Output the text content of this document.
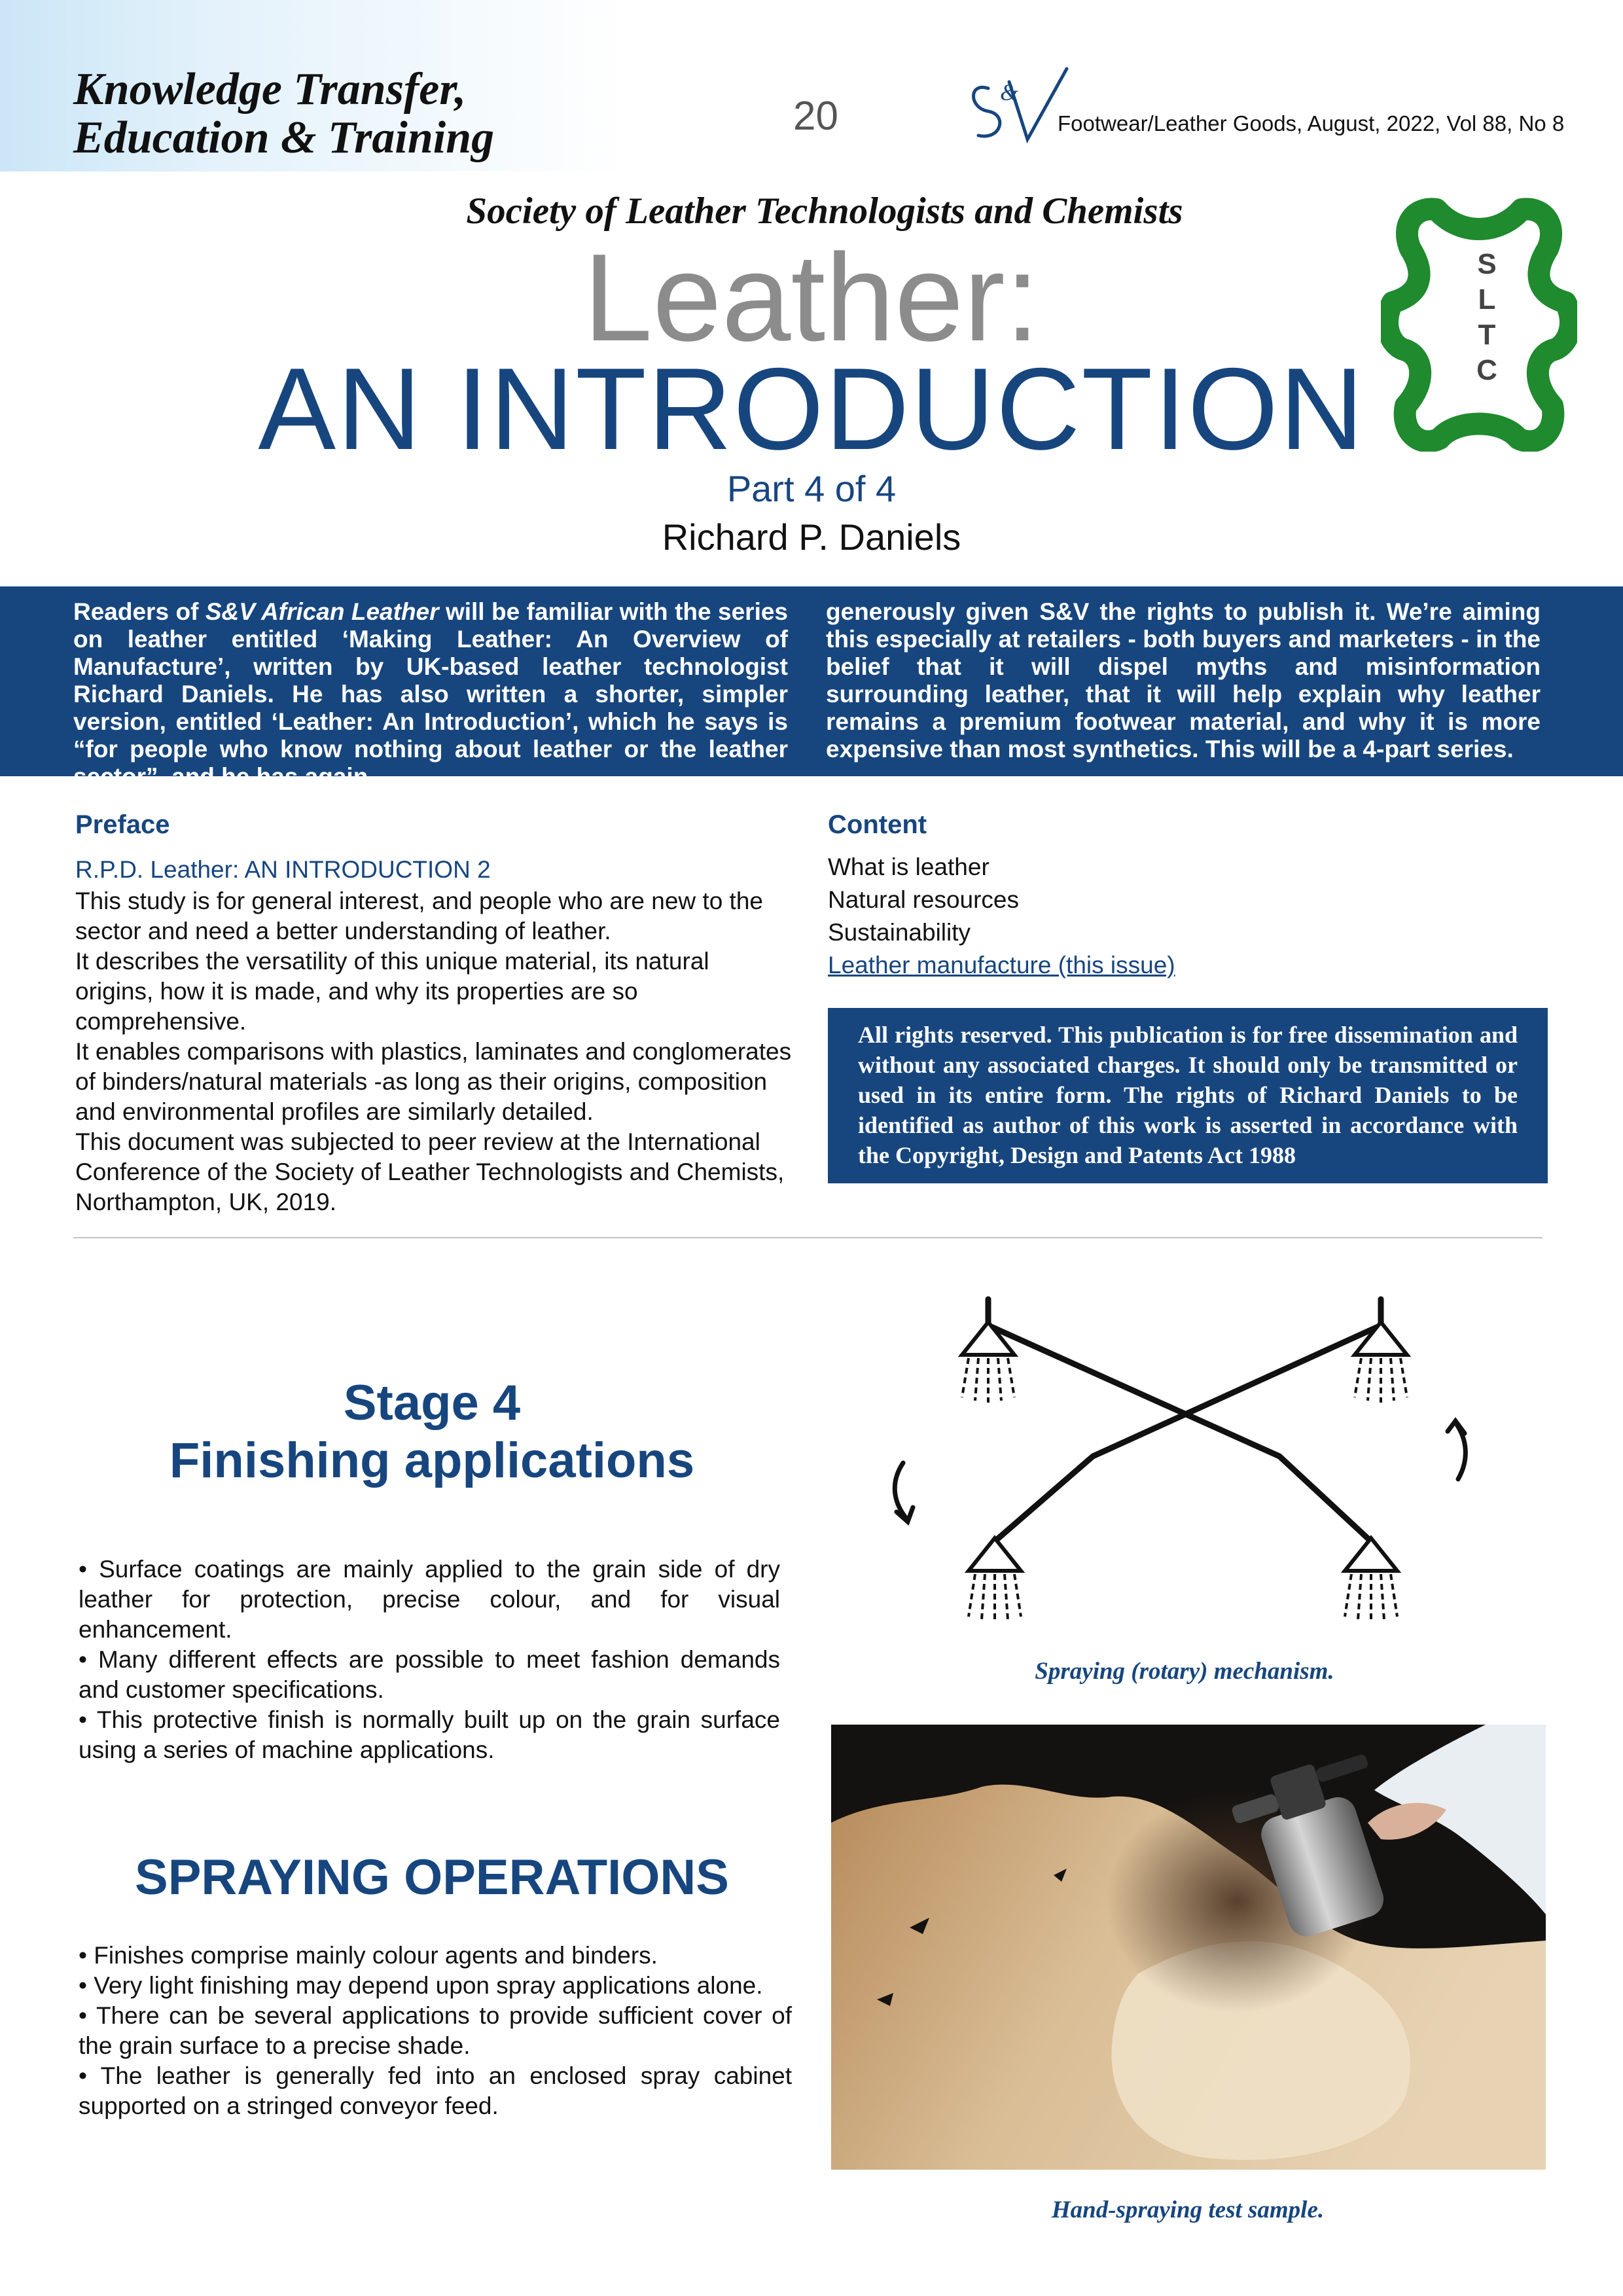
Knowledge Transfer,
Education & Training	20
&
Footwear/Leather Goods, August, 2022, Vol 88, No 8
Society of Leather Technologists and Chemists
Leather:
AN INTRODUCTION
Part 4 of 4
Richard P. Daniels
S
L
T
C
Readers of S&V African Leather will be familiar with the series on leather entitled ‘Making Leather: An Overview of Manufacture’, written by UK-based leather technologist Richard Daniels. He has also written a shorter, simpler version, entitled ‘Leather: An Introduction’, which he says is “for people who know nothing about leather or the leather sector”, and he has again
generously given S&V the rights to publish it. We’re aiming this especially at retailers - both buyers and marketers - in the belief that it will dispel myths and misinformation surrounding leather, that it will help explain why leather remains a premium footwear material, and why it is more expensive than most synthetics. This will be a 4-part series.
Preface
R.P.D. Leather: AN INTRODUCTION 2

This study is for general interest, and people who are new to the sector and need a better understanding of leather.

It describes the versatility of this unique material, its natural origins, how it is made, and why its properties are so comprehensive.

It enables comparisons with plastics, laminates and conglomerates of binders/natural materials -as long as their origins, composition and environmental profiles are similarly detailed.

This document was subjected to peer review at the International Conference of the Society of Leather Technologists and Chemists, Northampton, UK, 2019.

Content
What is leather
Natural resources
Sustainability
Leather manufacture (this issue)
All rights reserved. This publication is for free dissemination and without any associated charges. It should only be transmitted or used in its entire form. The rights of Richard Daniels to be identified as author of this work is asserted in accordance with the Copyright, Design and Patents Act 1988
Stage 4
Finishing applications

• Surface coatings are mainly applied to the grain side of dry leather for protection, precise colour, and for visual enhancement.

• Many different effects are possible to meet fashion demands and customer specifications.

• This protective finish is normally built up on the grain surface using a series of machine applications.

SPRAYING OPERATIONS

• Finishes comprise mainly colour agents and binders.

• Very light finishing may depend upon spray applications alone.

• There can be several applications to provide sufficient cover of the grain surface to a precise shade.

• The leather is generally fed into an enclosed spray cabinet supported on a stringed conveyor feed.

Spraying (rotary) mechanism.
Hand-spraying test sample.
